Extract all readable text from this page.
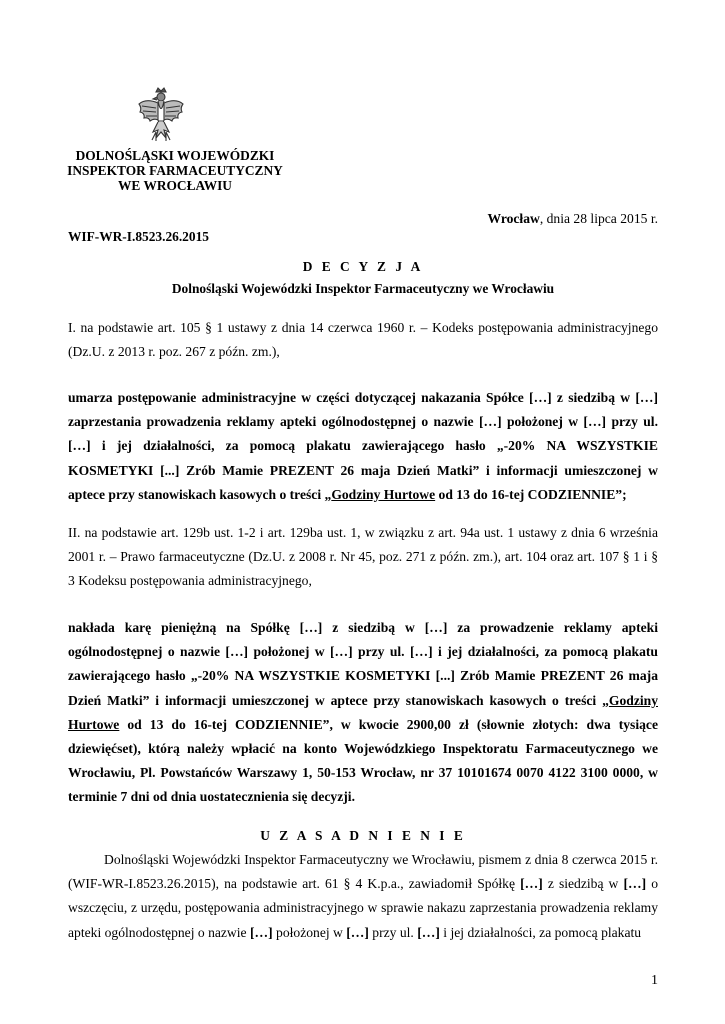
DOLNOŚLĄSKI WOJEWÓDZKI
INSPEKTOR FARMACEUTYCZNY
WE WROCŁAWIU
Wrocław, dnia 28 lipca 2015 r.
WIF-WR-I.8523.26.2015
D E C Y Z J A
Dolnośląski Wojewódzki Inspektor Farmaceutyczny we Wrocławiu

I. na podstawie art. 105 § 1 ustawy z dnia 14 czerwca 1960 r. – Kodeks postępowania administracyjnego (Dz.U. z 2013 r. poz. 267 z późn. zm.),

umarza postępowanie administracyjne w części dotyczącej nakazania Spółce […] z siedzibą w […] zaprzestania prowadzenia reklamy apteki ogólnodostępnej o nazwie […] położonej w […] przy ul. […] i jej działalności, za pomocą plakatu zawierającego hasło „-20% NA WSZYSTKIE KOSMETYKI [...] Zrób Mamie PREZENT 26 maja Dzień Matki” i informacji umieszczonej w aptece przy stanowiskach kasowych o treści „Godziny Hurtowe od 13 do 16-tej CODZIENNIE”;

II. na podstawie art. 129b ust. 1-2 i art. 129ba ust. 1, w związku z art. 94a ust. 1 ustawy z dnia 6 września 2001 r. – Prawo farmaceutyczne (Dz.U. z 2008 r. Nr 45, poz. 271 z późn. zm.), art. 104 oraz art. 107 § 1 i § 3 Kodeksu postępowania administracyjnego,

nakłada karę pieniężną na Spółkę […] z siedzibą w […] za prowadzenie reklamy apteki ogólnodostępnej o nazwie […] położonej w […] przy ul. […] i jej działalności, za pomocą plakatu zawierającego hasło „-20% NA WSZYSTKIE KOSMETYKI [...] Zrób Mamie PREZENT 26 maja Dzień Matki” i informacji umieszczonej w aptece przy stanowiskach kasowych o treści „Godziny Hurtowe od 13 do 16-tej CODZIENNIE”, w kwocie 2900,00 zł (słownie złotych: dwa tysiące dziewięćset), którą należy wpłacić na konto Wojewódzkiego Inspektoratu Farmaceutycznego we Wrocławiu, Pl. Powstańców Warszawy 1, 50-153 Wrocław, nr 37 10101674 0070 4122 3100 0000, w terminie 7 dni od dnia uostatecznienia się decyzji.

U Z A S A D N I E N I E

Dolnośląski Wojewódzki Inspektor Farmaceutyczny we Wrocławiu, pismem z dnia 8 czerwca 2015 r. (WIF-WR-I.8523.26.2015), na podstawie art. 61 § 4 K.p.a., zawiadomił Spółkę […] z siedzibą w […] o wszczęciu, z urzędu, postępowania administracyjnego w sprawie nakazu zaprzestania prowadzenia reklamy apteki ogólnodostępnej o nazwie […] położonej w […] przy ul. […] i jej działalności, za pomocą plakatu

1
